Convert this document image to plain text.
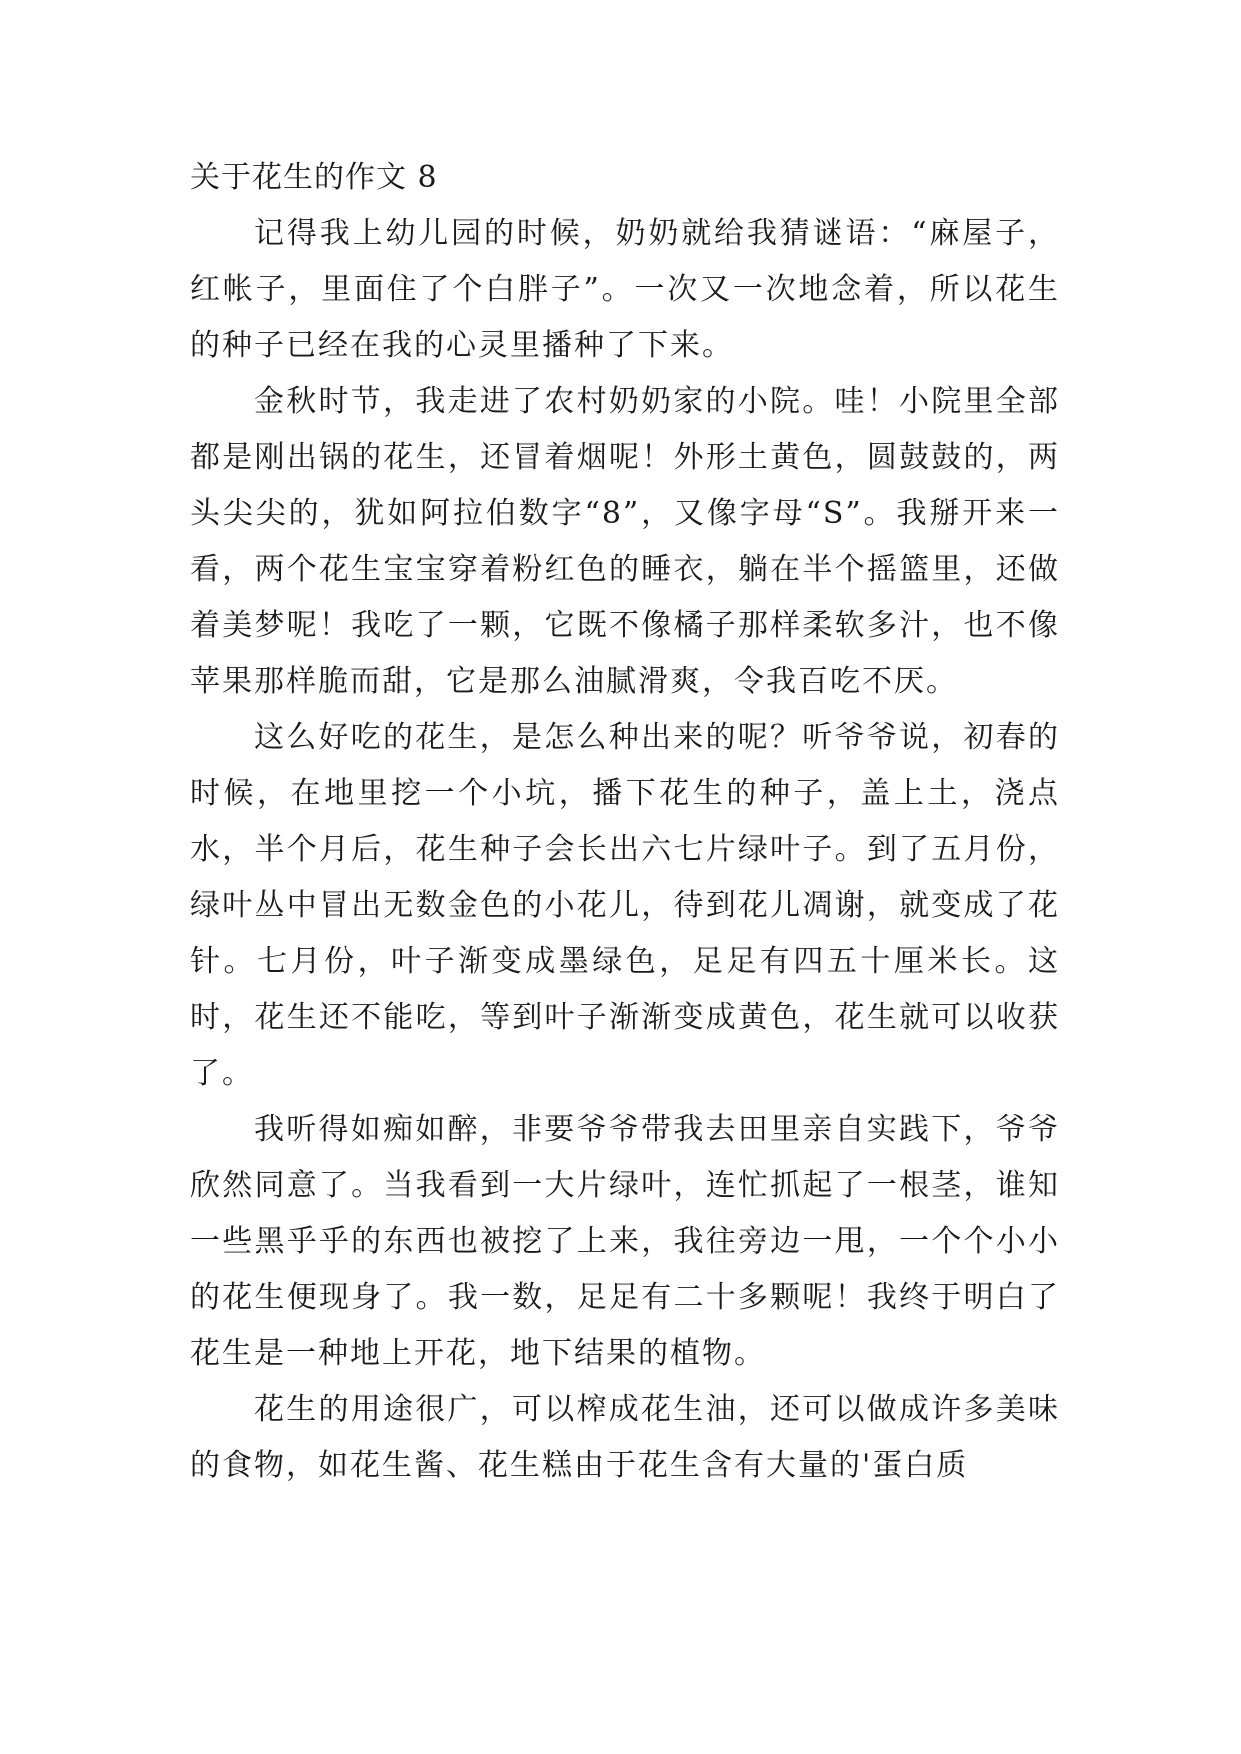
关于花生的作文 8

记得我上幼儿园的时候，奶奶就给我猜谜语：“麻屋子，红帐子，里面住了个白胖子”。一次又一次地念着，所以花生的种子已经在我的心灵里播种了下来。

金秋时节，我走进了农村奶奶家的小院。哇！小院里全部都是刚出锅的花生，还冒着烟呢！外形土黄色，圆鼓鼓的，两头尖尖的，犹如阿拉伯数字“8”，又像字母“S”。我掰开来一看，两个花生宝宝穿着粉红色的睡衣，躺在半个摇篮里，还做着美梦呢！我吃了一颗，它既不像橘子那样柔软多汁，也不像苹果那样脆而甜，它是那么油腻滑爽，令我百吃不厌。

这么好吃的花生，是怎么种出来的呢？听爷爷说，初春的时候，在地里挖一个小坑，播下花生的种子，盖上土，浇点水，半个月后，花生种子会长出六七片绿叶子。到了五月份，绿叶丛中冒出无数金色的小花儿，待到花儿凋谢，就变成了花针。七月份，叶子渐变成墨绿色，足足有四五十厘米长。这时，花生还不能吃，等到叶子渐渐变成黄色，花生就可以收获了。

我听得如痴如醉，非要爷爷带我去田里亲自实践下，爷爷欣然同意了。当我看到一大片绿叶，连忙抓起了一根茎，谁知一些黑乎乎的东西也被挖了上来，我往旁边一甩，一个个小小的花生便现身了。我一数，足足有二十多颗呢！我终于明白了花生是一种地上开花，地下结果的植物。

花生的用途很广，可以榨成花生油，还可以做成许多美味的食物，如花生酱、花生糕由于花生含有大量的'蛋白质
